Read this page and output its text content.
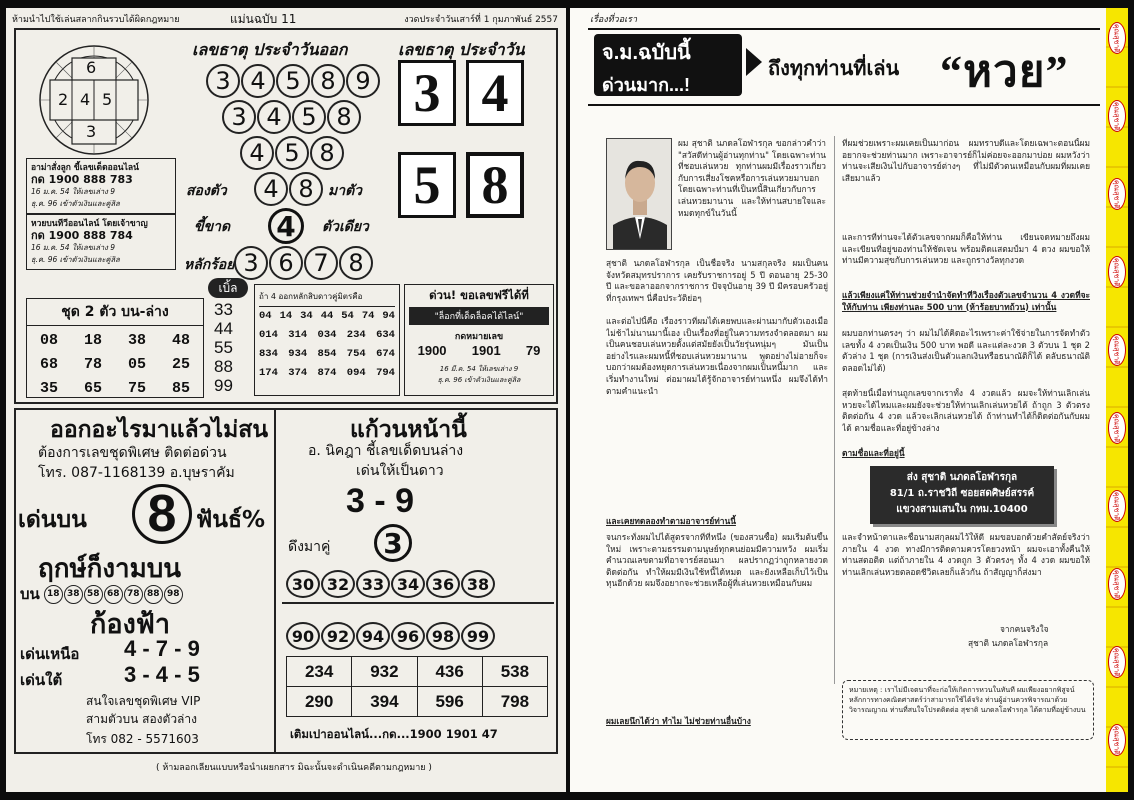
ห้ามนำไปใช้เล่นสลากกินรวบได้ผิดกฎหมาย	แม่นฉบับ 11	งวดประจำวันเสาร์ที่ 1 กุมภาพันธ์ 2557
6
2 4 5
3
เลขธาตุ ประจำวันออก	เลขธาตุ ประจำวัน
3 4 5 8 9
3 4 5 8
4 5 8
สองตัว	4 8	มาตัว
ขี้ขาด 4	ตัวเดียว
หลักร้อย 3 6 7 8
3 4
5 8
อาม่าสั่งลูก ขี้เลขเด็ดออนไลน์
กด 1900 888 783
16 ม.ค. 54 ให้เลขเล่าง 9
ธุ.ค. 96 เข้าตัวเงินและคู่ลิล
หวยบนทีวีออนไลน์ โดยเจ้าขาญ
กด 1900 888 784
16 ม.ค. 54 ให้เลขเล่าง 9
ธุ.ค. 96 เข้าตัวเงินและคู่ลิล
ชุด 2 ตัว บน-ล่าง
08	18	38	48
68	78	05	25
35	65	75	85
เบิ้ล
33
44
55
88
99
ถ้า 4 ออกหลักสิบดาวคู่มิตรคือ
04 14 34 44 54 74 94
014 314 034 234 634
834 934 854 754 674
174 374 874 094 794
ด่วน! ขอเลขฟรีได้ที่
"ล็อกที่เด็ดล็อคได้ไลน์"
กดหมายเลข
1900 1901 79
16 มี.ค. 54 ให้เลขเล่าง 9
ธุ.ค. 96 เข้าตัวเงินและคู่ลิล
ออกอะไรมาแล้วไม่สน	แก้วนหน้านี้
ต้องการเลขชุดพิเศษ ติดต่อด่วน
โทร. 087-1168139 อ.บุษราคัม
เด่นบน 8 ฟันธ์%
ฤกษ์ก็งามบน
บน 18 38 58 68 78 88 98
ก้องฟ้า
เด่นเหนือ 4 - 7 - 9
เด่นใต้	3 - 4 - 5
สนใจเลขชุดพิเศษ VIP
สามตัวบน สองตัวล่าง
โทร 082 - 5571603
อ. นิคฎา ชี้เลขเด็ดบนล่าง
เด่นให้เป็นดาว
3 - 9
ดึงมาคู่	3
30 32 33 34 36 38
90 92 94 96 98 99
234	932	436	538
290	394	596	798
เติมเปาออนไลน์...กด...1900 1901 47
( ห้ามลอกเลียนแบบหรือนำเผยกสาร มิฉะนั้นจะดำเนินคดีตามกฎหมาย )
เรื่องที่วอเรา
จ.ม.ฉบับนี้
ด่วนมาก...!
ถึงทุกท่านที่เล่น “หวย”
ผม สุชาติ นภดลโอฬารกุล ขอกล่าวคำว่า "สวัสดีท่านผู้อ่านทุกท่าน" โดยเฉพาะท่านที่ชอบเล่นหวย ทุกท่านผมมีเรื่องราวเกี่ยวกับการเสี่ยงโชคหรือการเล่นหวยมาบอกโดยเฉพาะท่านที่เป็นหนี้สินเกี่ยวกับการเล่นหวยมานาน และให้ท่านสบายใจและหมดทุกข์ในวันนี้
สุชาติ นภดลโอฬารกุล เป็นชื่อจริง นามสกุลจริง ผมเป็นคนจังหวัดสมุทรปราการ เคยรับราชการอยู่ 5 ปี ตอนอายุ 25-30 ปี และขอลาออกจากราชการ ปัจจุบันอายุ 39 ปี มีครอบครัวอยู่ที่กรุงเทพฯ นี่คือประวัติย่อๆ
และต่อไปนี้คือ เรื่องราวที่ผมได้เคยพบและผ่านมากับตัวเองเมื่อไม่ช้าไม่นานมานี้เอง เป็นเรื่องที่อยู่ในความทรงจำตลอดมา ผมเป็นคนชอบเล่นหวยตั้งแต่สมัยยังเป็นวัยรุ่นหนุ่มๆ มันเป็นอย่างไรและผมหนี้ที่ชอบเล่นหวยมานาน พูดอย่างไม่อายก็จะบอกว่าผมต้องหยุดการเล่นหวยเนื่องจากผมเป็นหนี้มาก และเริ่มทำงานใหม่ ต่อมาผมได้รู้จักอาจารย์ท่านหนึ่ง ผมจึงได้ทำตามคำแนะนำ
และเคยทดลองทำตามอาจารย์ท่านนี้
จนกระทั่งผมไปได้สูตรจากที่ที่หนึ่ง (ของสวนซื้อ) ผมเริ่มต้นขึ้นใหม่ เพราะตามธรรมดามนุษย์ทุกคนย่อมมีความหวัง ผมเริ่มคำนวณเลขตามที่อาจารย์สอนมา ผลปรากฏว่าถูกหลายงวดติดต่อกัน ทำให้ผมมีเงินใช้หนี้ได้หมด และยังเหลือเก็บไว้เป็นทุนอีกด้วย ผมจึงอยากจะช่วยเหลือผู้ที่เล่นหวยเหมือนกับผม
ผมเลยนึกได้ว่า ทำไม ไม่ช่วยท่านอื่นบ้าง
ที่ผมช่วยเพราะผมเคยเป็นมาก่อน ผมทราบดีและโดยเฉพาะตอนนี้ผมอยากจะช่วยท่านมาก เพราะอาจารย์ก็ไม่ค่อยจะออกมาบ่อย ผมหวังว่าท่านจะเสียเงินไปกับอาจารย์ต่างๆ ที่ไม่มีตัวตนเหมือนกับผมที่ผมเคยเสียมาแล้ว
และการที่ท่านจะได้ตัวเลขจากผมก็คือให้ท่าน เขียนจดหมายถึงผม และเขียนที่อยู่ของท่านให้ชัดเจน พร้อมติดแสตมป์มา 4 ดวง ผมขอให้ท่านมีความสุขกับการเล่นหวย และถูกรางวัลทุกงวด
แล้วเพียงแค่ให้ท่านช่วยจำนำจัดทำที่วิงเรื่องตัวเลขจำนวน 4 งวดที่จะให้กับท่าน เพียงท่านละ 500 บาท (ห้าร้อยบาทถ้วน) เท่านั้น
ผมบอกท่านตรงๆ ว่า ผมไม่ได้คิดอะไรเพราะค่าใช้จ่ายในการจัดทำตัวเลขทั้ง 4 งวดเป็นเงิน 500 บาท พอดี และแต่ละงวด 3 ตัวบน 1 ชุด 2 ตัวล่าง 1 ชุด (การเงินส่งเป็นตัวแลกเงินหรือธนาณัติก็ได้ ตลับธนาณัติตลอดไม่ได้)
สุดท้ายนี้เมื่อท่านถูกเลขจากเราทั้ง 4 งวดแล้ว ผมจะให้ท่านเลิกเล่นหวยจะได้ไหมและผมยังจะช่วยให้ท่านเลิกเล่นหวยได้ ถ้าถูก 3 ตัวตรง ติดต่อกัน 4 งวด แล้วจะเลิกเล่นหวยได้ ถ้าท่านทำได้ก็ติดต่อกันกับผมได้ ตามชื่อและที่อยู่ข้างล่าง
ตามชื่อและที่อยู่นี้
ส่ง สุชาติ นภดลโอฬารกุล
81/1 ถ.ราชวิถี ซอยสดศิษย์สรรค์
แขวงสามเสนใน กทม.10400
และจำหน้าตาและชื่อนามสกุลผมไว้ให้ดี ผมขอบอกด้วยคำสัตย์จริงว่าภายใน 4 งวด ทางมีการติดตามควรโดยวงหน้า ผมจะเอาทั้งคืนให้ท่านสตอติด แต่ถ้าภายใน 4 งวดถูก 3 ตัวตรงๆ ทั้ง 4 งวด ผมขอให้ท่านเลิกเล่นหวยตลอดชีวิตเลยก็แล้วกัน ถ้าสัญญาก็ส่งมา
จากคนจริงใจ
สุชาติ นภดลโอฬารกุล
หมายเหตุ : เราไม่มีเจตนาที่จะก่อให้เกิดการหวนในทันที ผมเพียงอยากพิสูจน์หลักการทางคณิตศาสตร์ว่าสามารถใช้ได้จริง ท่านผู้อ่านควรพิจารณาด้วยวิจารณญาณ ท่านที่สนใจโปรดติดต่อ สุชาติ นภดลโอฬารกุล ได้ตามที่อยู่ข้างบน
คุณสุชาติ
คุณสุชาติ
คุณสุชาติ
คุณสุชาติ
คุณสุชาติ
คุณสุชาติ
คุณสุชาติ
คุณสุชาติ
คุณสุชาติ
คุณสุชาติ
